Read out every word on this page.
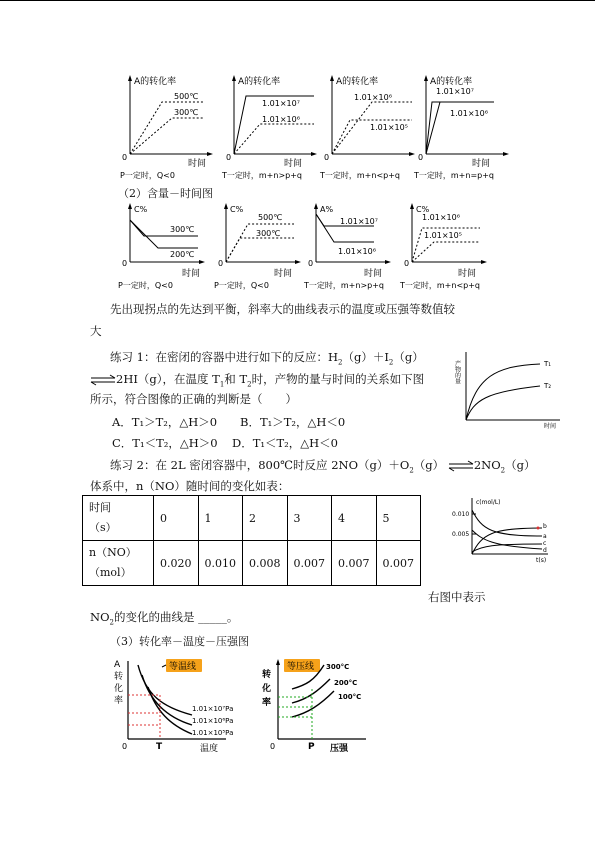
A的转化率
500℃
300℃
0
时间
P一定时，Q<0
A的转化率
1.01×10⁷
1.01×10⁶
0
时间
T一定时，m+n>p+q
A的转化率
1.01×10⁶
1.01×10⁵
0
T一定时，m+n<p+q
A的转化率
1.01×10⁷
1.01×10⁶
0
时间
T一定时，m+n=p+q
（2）含量－时间图
C%
300℃
200℃
0
时间
P一定时，Q<0
C%
500℃
300℃
0
时间
P一定时，Q<0
A%
1.01×10⁷
1.01×10⁶
0
时间
T一定时，m+n>p+q
C%
1.01×10⁶
1.01×10⁵
0
时间
T一定时，m+n<p+q
先出现拐点的先达到平衡，斜率大的曲线表示的温度或压强等数值较
大
练习 1：在密闭的容器中进行如下的反应：$H_2(g)+I_2(g)$
⇌2HI（g），在温度 $T_1$和 $T_2$时，产物的量与时间的关系如下图
所示，符合图像的正确的判断是（　　）
A．T₁＞T₂，△H＞0 B．T₁＞T₂，△H＜0
C．T₁＜T₂，△H＞0 D．T₁＜T₂，△H＜0
产物的量	T₁
T₂
时间
练习 2：在 2L 密闭容器中，800℃时反应 $2NO(g)+O_2(g)$ $\rightleftharpoons 2NO_2(g)$
体系中，n（NO）随时间的变化如表：
时间
（s）	0	1	2	3	4	5

n（NO）
（mol）	0.020	0.010	0.008	0.007	0.007	0.007
c(mol/L)
0.010
0.005
t(s)
a
b
c
d
右图中表示
$NO_2$的变化的曲线是 _____。
（3）转化率－温度－压强图
等温线
A
转
化
率
1.01×10⁷Pa
1.01×10⁶Pa
1.01×10⁵Pa
0	T	温度
等压线
转
化
率
300°C
200°C
100°C
0	P 压强
